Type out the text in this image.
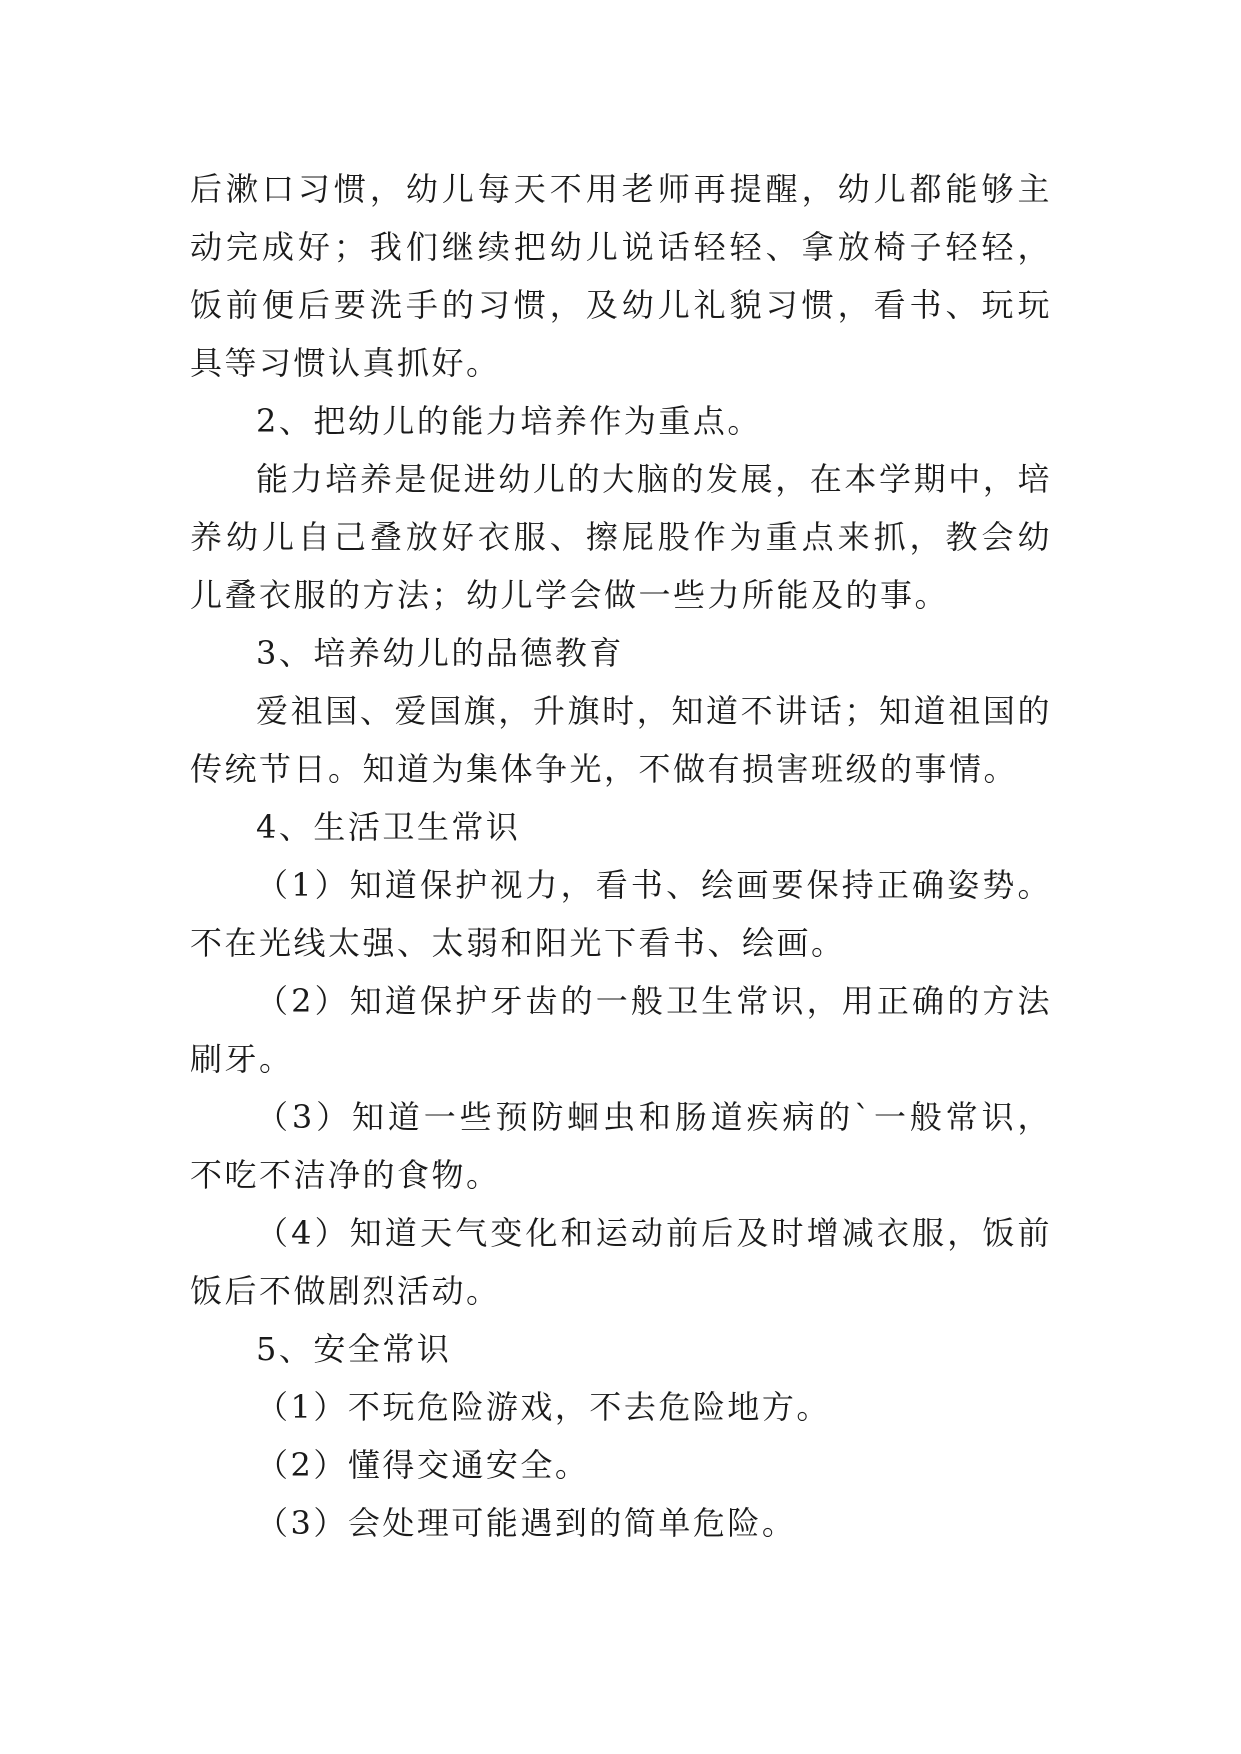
后漱口习惯，幼儿每天不用老师再提醒，幼儿都能够主动完成好；我们继续把幼儿说话轻轻、拿放椅子轻轻，饭前便后要洗手的习惯，及幼儿礼貌习惯，看书、玩玩具等习惯认真抓好。

2、把幼儿的能力培养作为重点。

能力培养是促进幼儿的大脑的发展，在本学期中，培养幼儿自己叠放好衣服、擦屁股作为重点来抓，教会幼儿叠衣服的方法；幼儿学会做一些力所能及的事。

3、培养幼儿的品德教育

爱祖国、爱国旗，升旗时，知道不讲话；知道祖国的传统节日。知道为集体争光，不做有损害班级的事情。

4、生活卫生常识

（1）知道保护视力，看书、绘画要保持正确姿势。不在光线太强、太弱和阳光下看书、绘画。

（2）知道保护牙齿的一般卫生常识，用正确的方法刷牙。

（3）知道一些预防蛔虫和肠道疾病的`一般常识，不吃不洁净的食物。

（4）知道天气变化和运动前后及时增减衣服，饭前饭后不做剧烈活动。

5、安全常识

（1）不玩危险游戏，不去危险地方。

（2）懂得交通安全。

（3）会处理可能遇到的简单危险。
